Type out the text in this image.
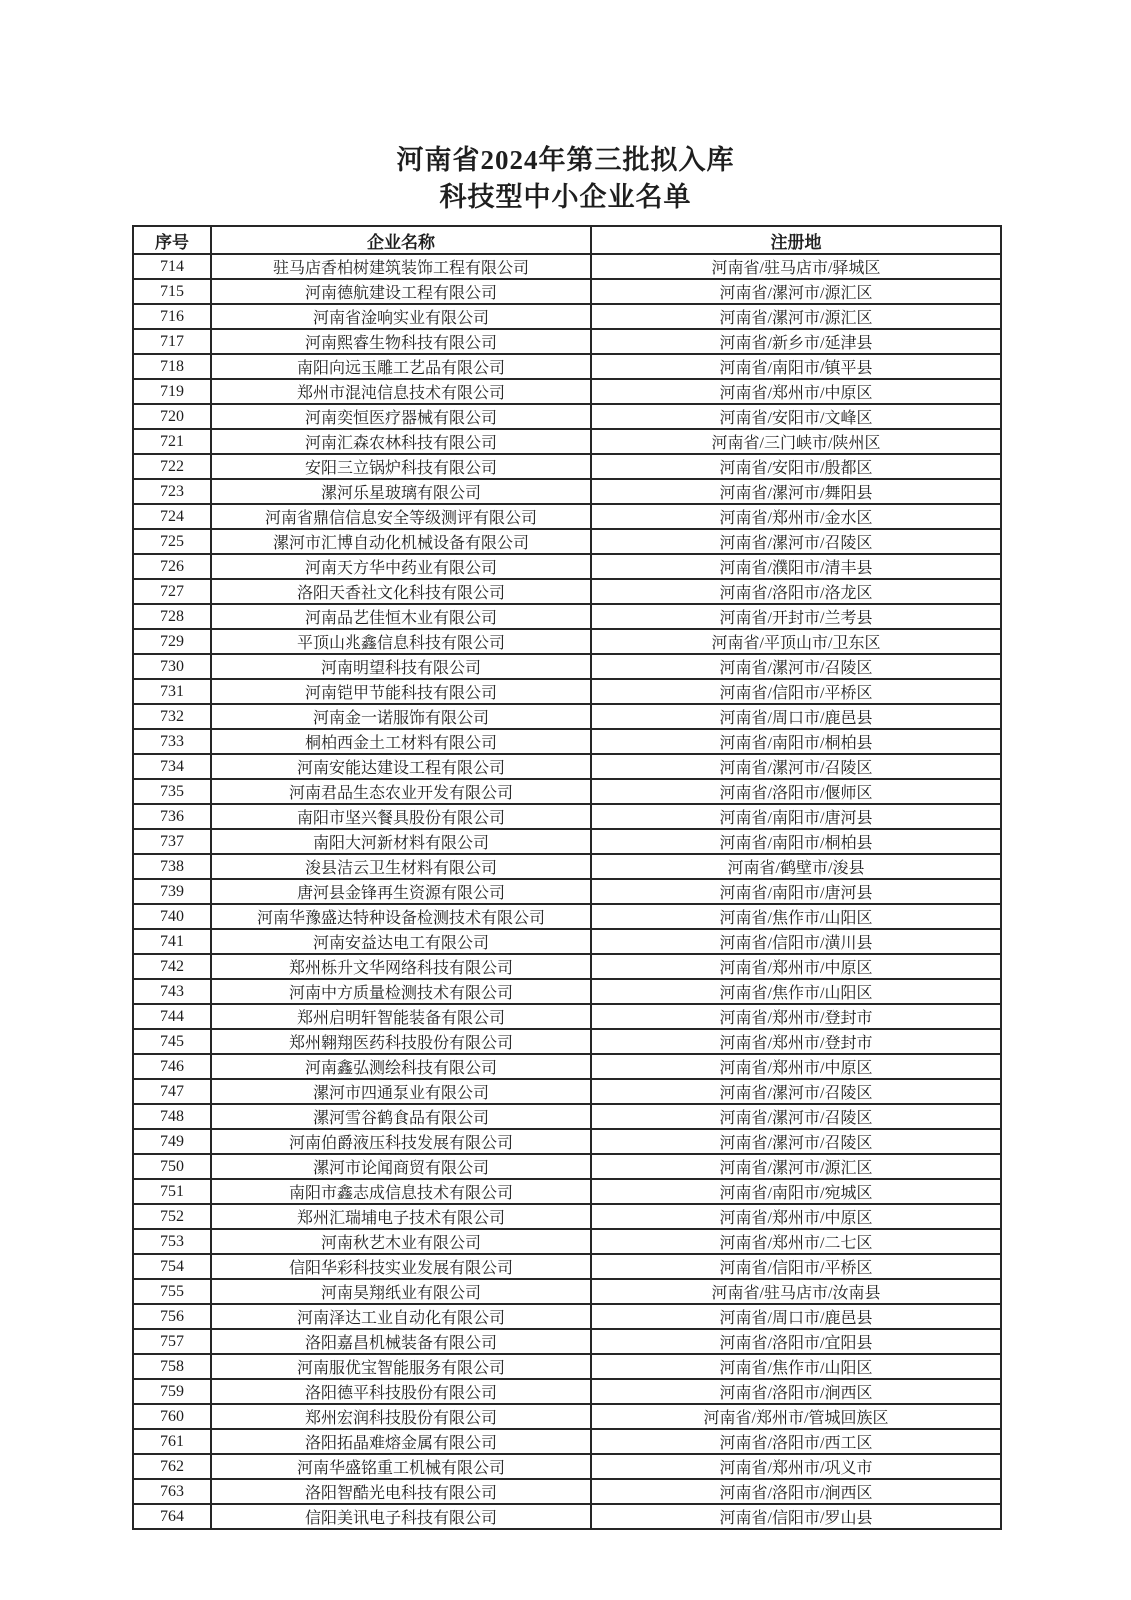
河南省2024年第三批拟入库
科技型中小企业名单
序号	企业名称	注册地
714	驻马店香柏树建筑装饰工程有限公司	河南省/驻马店市/驿城区
715	河南德航建设工程有限公司	河南省/漯河市/源汇区
716	河南省淦响实业有限公司	河南省/漯河市/源汇区
717	河南熙睿生物科技有限公司	河南省/新乡市/延津县
718	南阳向远玉雕工艺品有限公司	河南省/南阳市/镇平县
719	郑州市混沌信息技术有限公司	河南省/郑州市/中原区
720	河南奕恒医疗器械有限公司	河南省/安阳市/文峰区
721	河南汇森农林科技有限公司	河南省/三门峡市/陕州区
722	安阳三立锅炉科技有限公司	河南省/安阳市/殷都区
723	漯河乐星玻璃有限公司	河南省/漯河市/舞阳县
724	河南省鼎信信息安全等级测评有限公司	河南省/郑州市/金水区
725	漯河市汇博自动化机械设备有限公司	河南省/漯河市/召陵区
726	河南天方华中药业有限公司	河南省/濮阳市/清丰县
727	洛阳天香社文化科技有限公司	河南省/洛阳市/洛龙区
728	河南品艺佳恒木业有限公司	河南省/开封市/兰考县
729	平顶山兆鑫信息科技有限公司	河南省/平顶山市/卫东区
730	河南明望科技有限公司	河南省/漯河市/召陵区
731	河南铠甲节能科技有限公司	河南省/信阳市/平桥区
732	河南金一诺服饰有限公司	河南省/周口市/鹿邑县
733	桐柏西金土工材料有限公司	河南省/南阳市/桐柏县
734	河南安能达建设工程有限公司	河南省/漯河市/召陵区
735	河南君品生态农业开发有限公司	河南省/洛阳市/偃师区
736	南阳市坚兴餐具股份有限公司	河南省/南阳市/唐河县
737	南阳大河新材料有限公司	河南省/南阳市/桐柏县
738	浚县洁云卫生材料有限公司	河南省/鹤壁市/浚县
739	唐河县金锋再生资源有限公司	河南省/南阳市/唐河县
740	河南华豫盛达特种设备检测技术有限公司	河南省/焦作市/山阳区
741	河南安益达电工有限公司	河南省/信阳市/潢川县
742	郑州栎升文华网络科技有限公司	河南省/郑州市/中原区
743	河南中方质量检测技术有限公司	河南省/焦作市/山阳区
744	郑州启明轩智能装备有限公司	河南省/郑州市/登封市
745	郑州翱翔医药科技股份有限公司	河南省/郑州市/登封市
746	河南鑫弘测绘科技有限公司	河南省/郑州市/中原区
747	漯河市四通泵业有限公司	河南省/漯河市/召陵区
748	漯河雪谷鹤食品有限公司	河南省/漯河市/召陵区
749	河南伯爵液压科技发展有限公司	河南省/漯河市/召陵区
750	漯河市论闻商贸有限公司	河南省/漯河市/源汇区
751	南阳市鑫志成信息技术有限公司	河南省/南阳市/宛城区
752	郑州汇瑞埔电子技术有限公司	河南省/郑州市/中原区
753	河南秋艺木业有限公司	河南省/郑州市/二七区
754	信阳华彩科技实业发展有限公司	河南省/信阳市/平桥区
755	河南昊翔纸业有限公司	河南省/驻马店市/汝南县
756	河南泽达工业自动化有限公司	河南省/周口市/鹿邑县
757	洛阳嘉昌机械装备有限公司	河南省/洛阳市/宜阳县
758	河南服优宝智能服务有限公司	河南省/焦作市/山阳区
759	洛阳德平科技股份有限公司	河南省/洛阳市/涧西区
760	郑州宏润科技股份有限公司	河南省/郑州市/管城回族区
761	洛阳拓晶难熔金属有限公司	河南省/洛阳市/西工区
762	河南华盛铭重工机械有限公司	河南省/郑州市/巩义市
763	洛阳智酷光电科技有限公司	河南省/洛阳市/涧西区
764	信阳美讯电子科技有限公司	河南省/信阳市/罗山县
